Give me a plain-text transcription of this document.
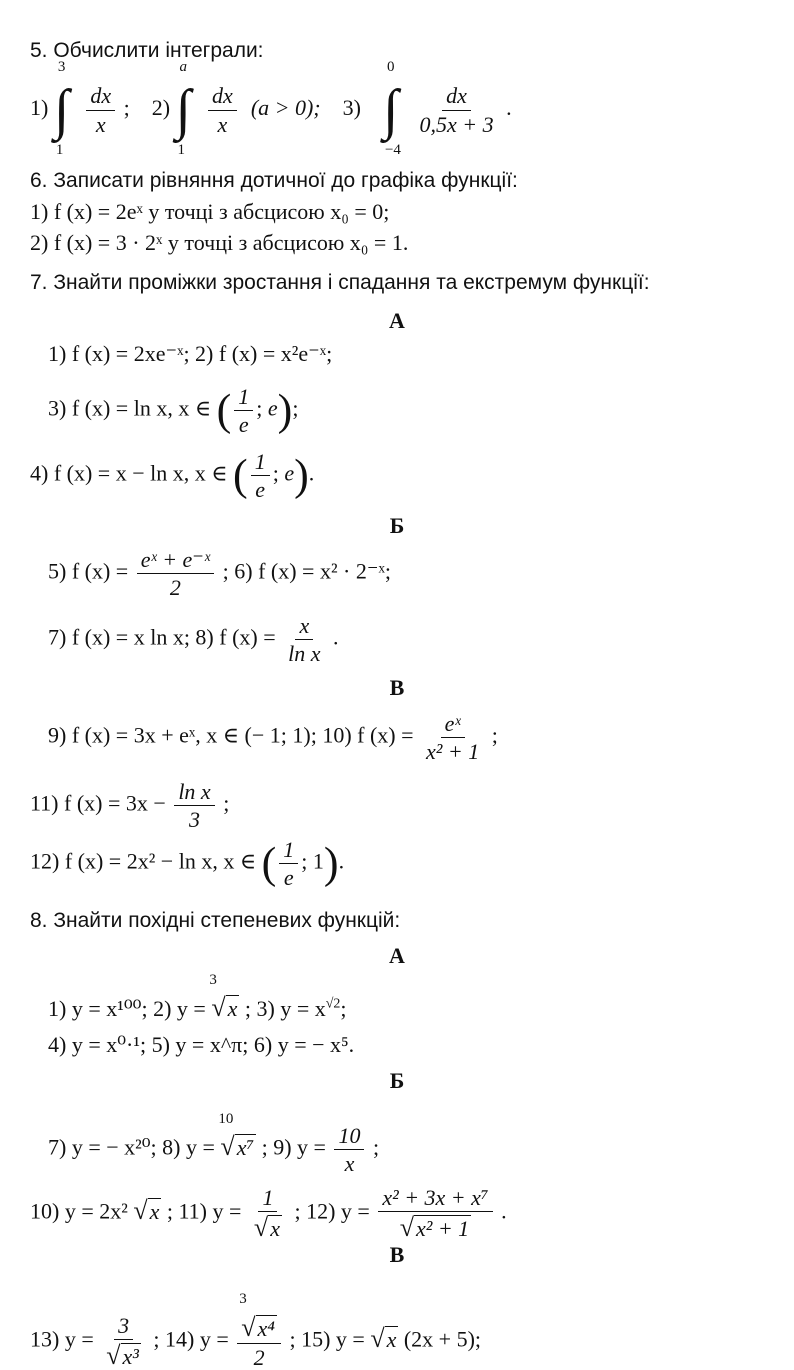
5. Обчислити інтеграли:
1)
3
∫
1

$\frac{dx}{x}$ ; 2)
a
∫
1

$\frac{dx}{x} (a > 0)$; 3)
0
∫
−4

$\frac{dx}{0,5x + 3}$ .
6. Записати рівняння дотичної до графіка функції:
1) f (x) = 2eˣ у точці з абсцисою x₀ = 0;
2) f (x) = 3 · 2ˣ у точці з абсцисою x₀ = 1.
7. Знайти проміжки зростання і спадання та екстремум функції:
А
1) f (x) = 2xe⁻ˣ; 2) f (x) = x²e⁻ˣ;
3) f (x) = ln x, x ∈ ( $\frac{1}{e}$ ; e);
4) f (x) = x − ln x, x ∈ ( $\frac{1}{e}$ ; e).
Б
5) f $(x) = \frac{\text{eˣ + e⁻ˣ}}{2}$ ; 6) f (x) = x² · 2⁻ˣ;
7) f (x) = x ln x; 8) f $(x) = \frac{x}{\text{ln x}}$ .
В
9) f (x) = 3x + eˣ, x ∈ (− 1; 1); 10) f $(x) = \frac{\text{eˣ}}{\text{x² + 1}}$ ;
11) f $(x) = 3x - \frac{\text{ln x}}{3}$ ;
12) f (x) = 2x² − ln x, x ∈ ( $\frac{1}{e}$ ; 1).
8. Знайти похідні степеневих функцій:
А
1) y = x¹⁰⁰; 2) y =
3
√x ; 3) $y = x^{√2}$;
4) y = x⁰·¹; 5) y = x^π; 6) y = − x⁵.
Б
7) y = − x²⁰; 8) y =
10
√x⁷ ; 9) $y = \frac{10}{x}$ ;
10) y = 2x² √x ; 11) $y = \frac{1}{√x}$ ; 12) $y = \frac{\text{x² + 3x + x⁷}}{\text{√x² + 1}}$ .
В
13) $y = \frac{3}{\text{√x³}}$ ; 14) y = 3
√x⁴
2 ; 15) y = √x (2x + 5);
